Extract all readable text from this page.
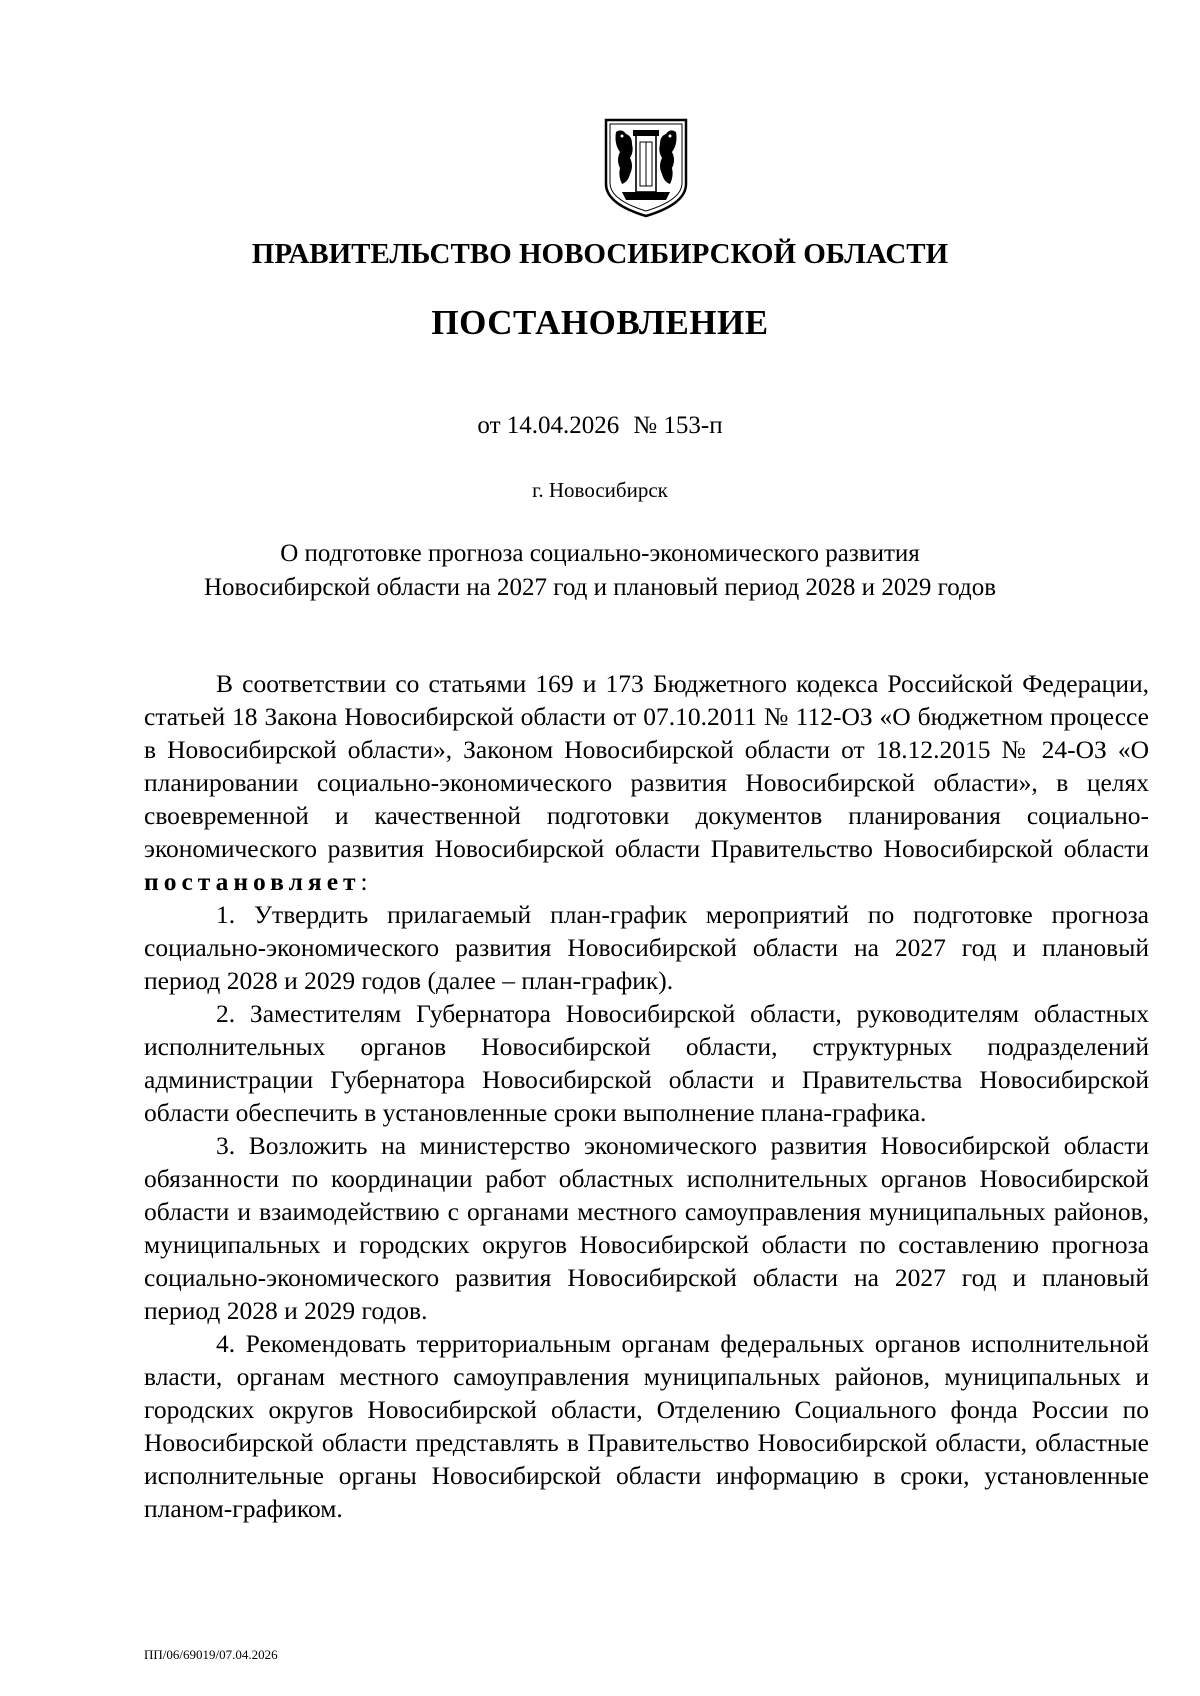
ПРАВИТЕЛЬСТВО НОВОСИБИРСКОЙ ОБЛАСТИ
ПОСТАНОВЛЕНИЕ
от 14.04.2026 № 153-п
г. Новосибирск
О подготовке прогноза социально-экономического развития
Новосибирской области на 2027 год и плановый период 2028 и 2029 годов

В соответствии со статьями 169 и 173 Бюджетного кодекса Российской Федерации, статьей 18 Закона Новосибирской области от 07.10.2011 № 112-ОЗ «О бюджетном процессе в Новосибирской области», Законом Новосибирской области от 18.12.2015 № 24-ОЗ «О планировании социально-экономического развития Новосибирской области», в целях своевременной и качественной подготовки документов планирования социально-экономического развития Новосибирской области Правительство Новосибирской области постановляет:

1. Утвердить прилагаемый план-график мероприятий по подготовке прогноза социально-экономического развития Новосибирской области на 2027 год и плановый период 2028 и 2029 годов (далее – план-график).

2. Заместителям Губернатора Новосибирской области, руководителям областных исполнительных органов Новосибирской области, структурных подразделений администрации Губернатора Новосибирской области и Правительства Новосибирской области обеспечить в установленные сроки выполнение плана-графика.

3. Возложить на министерство экономического развития Новосибирской области обязанности по координации работ областных исполнительных органов Новосибирской области и взаимодействию с органами местного самоуправления муниципальных районов, муниципальных и городских округов Новосибирской области по составлению прогноза социально-экономического развития Новосибирской области на 2027 год и плановый период 2028 и 2029 годов.

4. Рекомендовать территориальным органам федеральных органов исполнительной власти, органам местного самоуправления муниципальных районов, муниципальных и городских округов Новосибирской области, Отделению Социального фонда России по Новосибирской области представлять в Правительство Новосибирской области, областные исполнительные органы Новосибирской области информацию в сроки, установленные планом-графиком.

ПП/06/69019/07.04.2026
